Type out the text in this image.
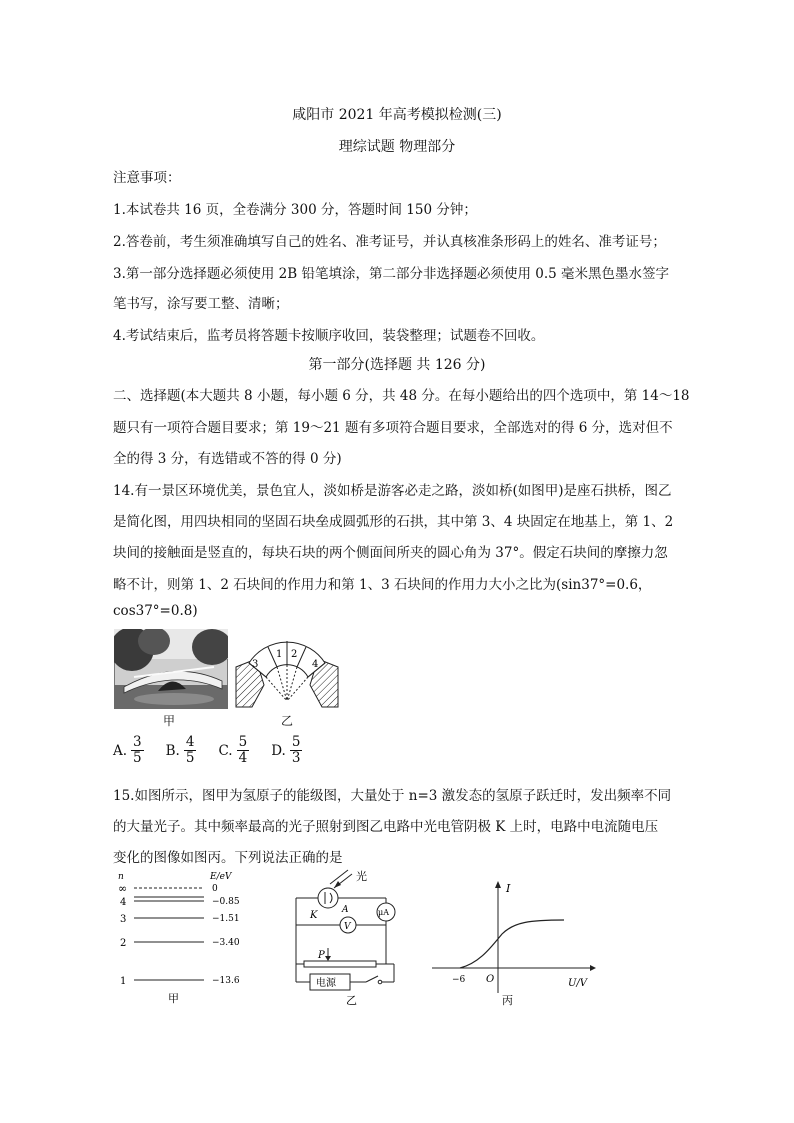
咸阳市 2021 年高考模拟检测(三)
理综试题 物理部分
注意事项：
1.本试卷共 16 页，全卷满分 300 分，答题时间 150 分钟；
2.答卷前，考生须准确填写自己的姓名、准考证号，并认真核准条形码上的姓名、准考证号；
3.第一部分选择题必须使用 2B 铅笔填涂，第二部分非选择题必须使用 0.5 毫米黑色墨水签字
笔书写，涂写要工整、清晰；
4.考试结束后，监考员将答题卡按顺序收回，装袋整理；试题卷不回收。
第一部分(选择题 共 126 分)
二、选择题(本大题共 8 小题，每小题 6 分，共 48 分。在每小题给出的四个选项中，第 14～18
题只有一项符合题目要求；第 19～21 题有多项符合题目要求，全部选对的得 6 分，选对但不
全的得 3 分，有选错或不答的得 0 分)
14.有一景区环境优美，景色宜人，淡如桥是游客必走之路，淡如桥(如图甲)是座石拱桥，图乙
是简化图，用四块相同的坚固石块垒成圆弧形的石拱，其中第 3、4 块固定在地基上，第 1、2
块间的接触面是竖直的，每块石块的两个侧面间所夹的圆心角为 37°。假定石块间的摩擦力忽
略不计，则第 1、2 石块间的作用力和第 1、3 石块间的作用力大小之比为(sin37°=0.6，
cos37°=0.8)
甲
1 2
3	4
乙
A. $\frac{3}{5} B$. $\frac{4}{5} C$. $\frac{5}{4} D$. $\frac{5}{3}$
15.如图所示，图甲为氢原子的能级图，大量处于 n=3 激发态的氢原子跃迁时，发出频率不同
的大量光子。其中频率最高的光子照射到图乙电路中光电管阴极 K 上时，电路中电流随电压
变化的图像如图丙。下列说法正确的是
n	E/eV
∞	0
4	−0.85
3	−1.51
2	−3.40
1	−13.6
甲
光
K	A
V
μA
P
电源
乙
I
U/V
O
−6
丙
